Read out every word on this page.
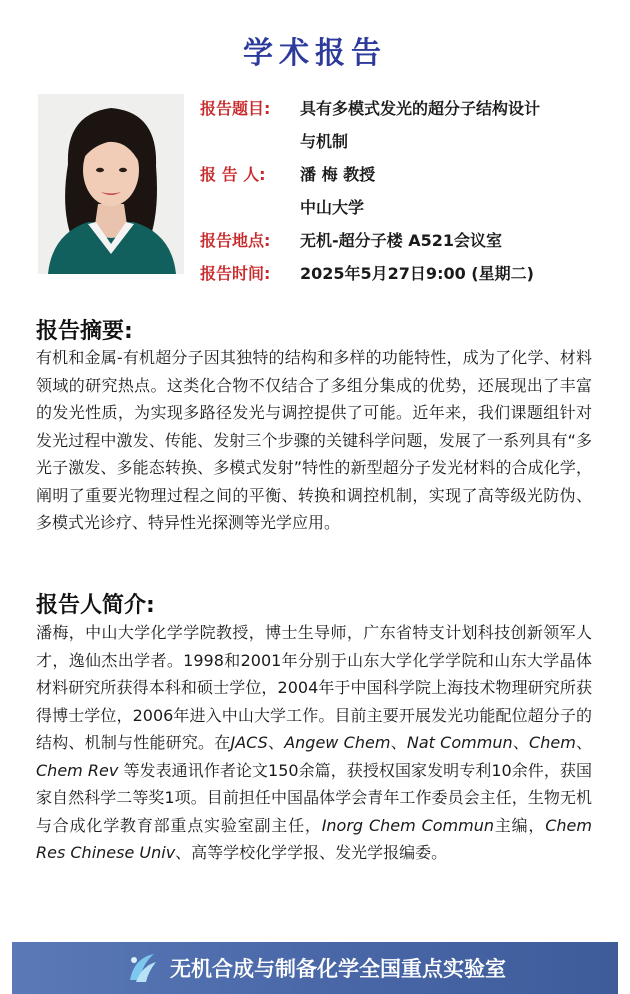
学术报告
报告题目:	具有多模式发光的超分子结构设计
与机制
报 告 人:	潘 梅 教授
中山大学
报告地点:	无机-超分子楼 A521会议室
报告时间:	2025年5月27日9:00 (星期二)
报告摘要:

有机和金属-有机超分子因其独特的结构和多样的功能特性，成为了化学、材料领域的研究热点。这类化合物不仅结合了多组分集成的优势，还展现出了丰富的发光性质，为实现多路径发光与调控提供了可能。近年来，我们课题组针对发光过程中激发、传能、发射三个步骤的关键科学问题，发展了一系列具有“多光子激发、多能态转换、多模式发射”特性的新型超分子发光材料的合成化学，阐明了重要光物理过程之间的平衡、转换和调控机制，实现了高等级光防伪、多模式光诊疗、特异性光探测等光学应用。

报告人简介:

潘梅，中山大学化学学院教授，博士生导师，广东省特支计划科技创新领军人才，逸仙杰出学者。1998和2001年分别于山东大学化学学院和山东大学晶体材料研究所获得本科和硕士学位，2004年于中国科学院上海技术物理研究所获得博士学位，2006年进入中山大学工作。目前主要开展发光功能配位超分子的结构、机制与性能研究。在JACS、Angew Chem、Nat Commun、Chem、Chem Rev 等发表通讯作者论文150余篇，获授权国家发明专利10余件，获国家自然科学二等奖1项。目前担任中国晶体学会青年工作委员会主任，生物无机与合成化学教育部重点实验室副主任，Inorg Chem Commun主编，Chem Res Chinese Univ、高等学校化学学报、发光学报编委。

无机合成与制备化学全国重点实验室
